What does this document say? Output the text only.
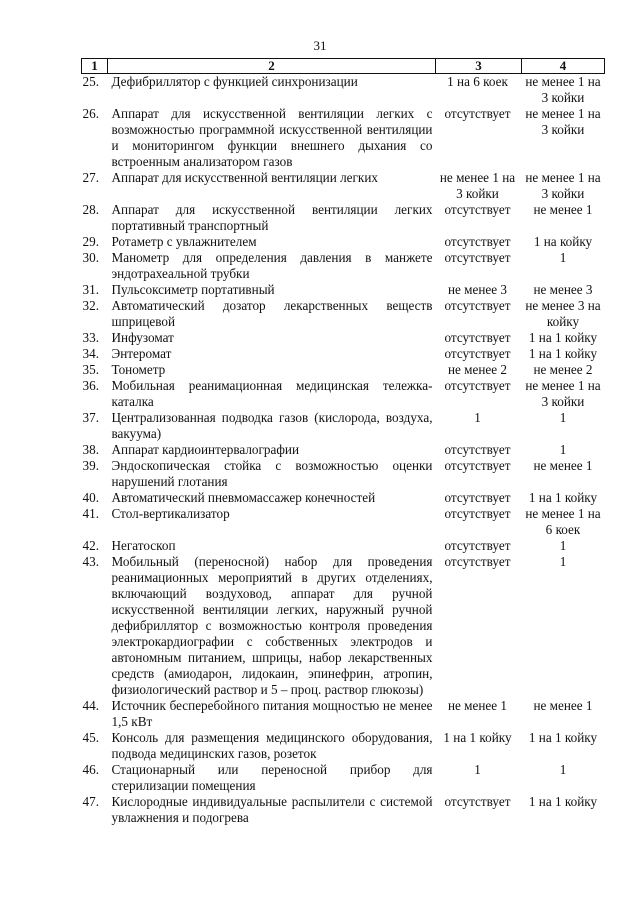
31
1	2	3	4
25.	Дефибриллятор с функцией синхронизации	1 на 6 коек	не менее 1 на 3 койки
26.	Аппарат для искусственной вентиляции легких с возможностью программной искусственной вентиляции и мониторингом функции внешнего дыхания со встроенным анализатором газов	отсутствует	не менее 1 на 3 койки
27.	Аппарат для искусственной вентиляции легких	не менее 1 на 3 койки	не менее 1 на 3 койки
28.	Аппарат для искусственной вентиляции легких портативный транспортный	отсутствует	не менее 1
29.	Ротаметр с увлажнителем	отсутствует	1 на койку
30.	Манометр для определения давления в манжете эндотрахеальной трубки	отсутствует	1
31.	Пульсоксиметр портативный	не менее 3	не менее 3
32.	Автоматический дозатор лекарственных веществ шприцевой	отсутствует	не менее 3 на койку
33.	Инфузомат	отсутствует	1 на 1 койку
34.	Энтеромат	отсутствует	1 на 1 койку
35.	Тонометр	не менее 2	не менее 2
36.	Мобильная реанимационная медицинская тележка-каталка	отсутствует	не менее 1 на 3 койки
37.	Централизованная подводка газов (кислорода, воздуха, вакуума)	1	1
38.	Аппарат кардиоинтервалографии	отсутствует	1
39.	Эндоскопическая стойка с возможностью оценки нарушений глотания	отсутствует	не менее 1
40.	Автоматический пневмомассажер конечностей	отсутствует	1 на 1 койку
41.	Стол-вертикализатор	отсутствует	не менее 1 на 6 коек
42.	Негатоскоп	отсутствует	1
43.	Мобильный (переносной) набор для проведения реанимационных мероприятий в других отделениях, включающий воздуховод, аппарат для ручной искусственной вентиляции легких, наружный ручной дефибриллятор с возможностью контроля проведения электрокардиографии с собственных электродов и автономным питанием, шприцы, набор лекарственных средств (амиодарон, лидокаин, эпинефрин, атропин, физиологический раствор и 5 – проц. раствор глюкозы)	отсутствует	1
44.	Источник бесперебойного питания мощностью не менее 1,5 кВт	не менее 1	не менее 1
45.	Консоль для размещения медицинского оборудования, подвода медицинских газов, розеток	1 на 1 койку	1 на 1 койку
46.	Стационарный или переносной прибор для стерилизации помещения	1	1
47.	Кислородные индивидуальные распылители с системой увлажнения и подогрева	отсутствует	1 на 1 койку
